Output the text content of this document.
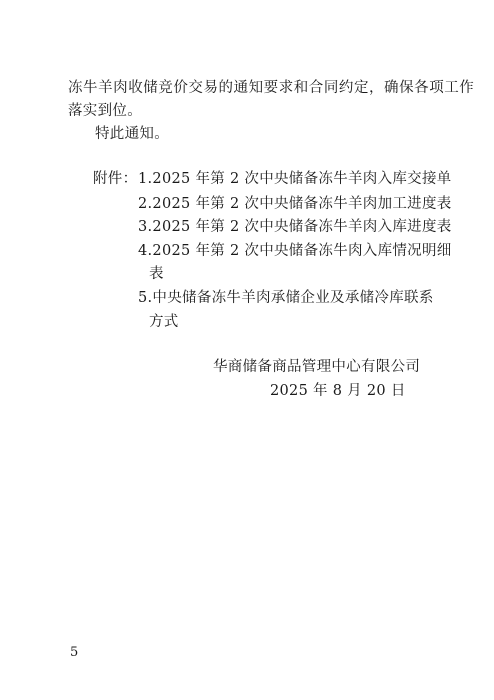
冻牛羊肉收储竞价交易的通知要求和合同约定，确保各项工作
落实到位。
特此通知。
附件： 1.2025 年第 2 次中央储备冻牛羊肉入库交接单
2.2025 年第 2 次中央储备冻牛羊肉加工进度表
3.2025 年第 2 次中央储备冻牛羊肉入库进度表
4.2025 年第 2 次中央储备冻牛肉入库情况明细
表
5.中央储备冻牛羊肉承储企业及承储冷库联系
方式
华商储备商品管理中心有限公司
2025 年 8 月 20 日
5
